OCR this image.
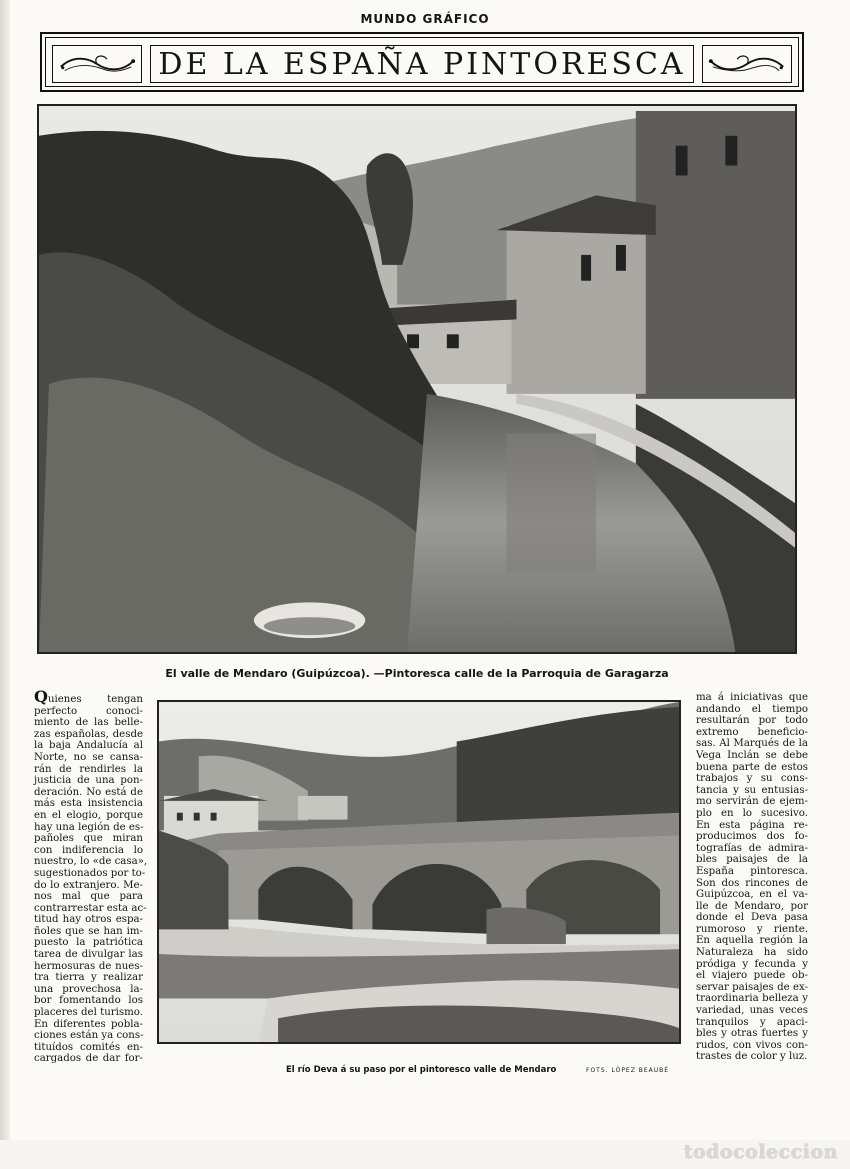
MUNDO GRÁFICO
DE LA ESPAÑA PINTORESCA
El valle de Mendaro (Guipúzcoa). —Pintoresca calle de la Parroquia de Garagarza
Quienes tengan
perfecto conoci-
miento de las belle-
zas españolas, desde
la baja Andalucía al
Norte, no se cansa-
rán de rendirles la
justicia de una pon-
deración. No está de
más esta insistencia
en el elogio, porque
hay una legión de es-
pañoles que miran
con indiferencia lo
nuestro, lo «de casa»,
sugestionados por to-
do lo extranjero. Me-
nos mal que para
contrarrestar esta ac-
titud hay otros espa-
ñoles que se han im-
puesto la patriótica
tarea de divulgar las
hermosuras de nues-
tra tierra y realizar
una provechosa la-
bor fomentando los
placeres del turismo.
En diferentes pobla-
ciones están ya cons-
tituídos comités en-
cargados de dar for-
El río Deva á su paso por el pintoresco valle de Mendaro	FOTS. LÓPEZ BEAUBÉ
ma á iniciativas que
andando el tiempo
resultarán por todo
extremo beneficio-
sas. Al Marqués de la
Vega Inclán se debe
buena parte de estos
trabajos y su cons-
tancia y su entusias-
mo servirán de ejem-
plo en lo sucesivo.
En esta página re-
producimos dos fo-
tografías de admira-
bles paisajes de la
España pintoresca.
Son dos rincones de
Guipúzcoa, en el va-
lle de Mendaro, por
donde el Deva pasa
rumoroso y riente.
En aquella región la
Naturaleza ha sido
pródiga y fecunda y
el viajero puede ob-
servar paisajes de ex-
traordinaria belleza y
variedad, unas veces
tranquilos y apaci-
bles y otras fuertes y
rudos, con vivos con-
trastes de color y luz.
todocoleccion
